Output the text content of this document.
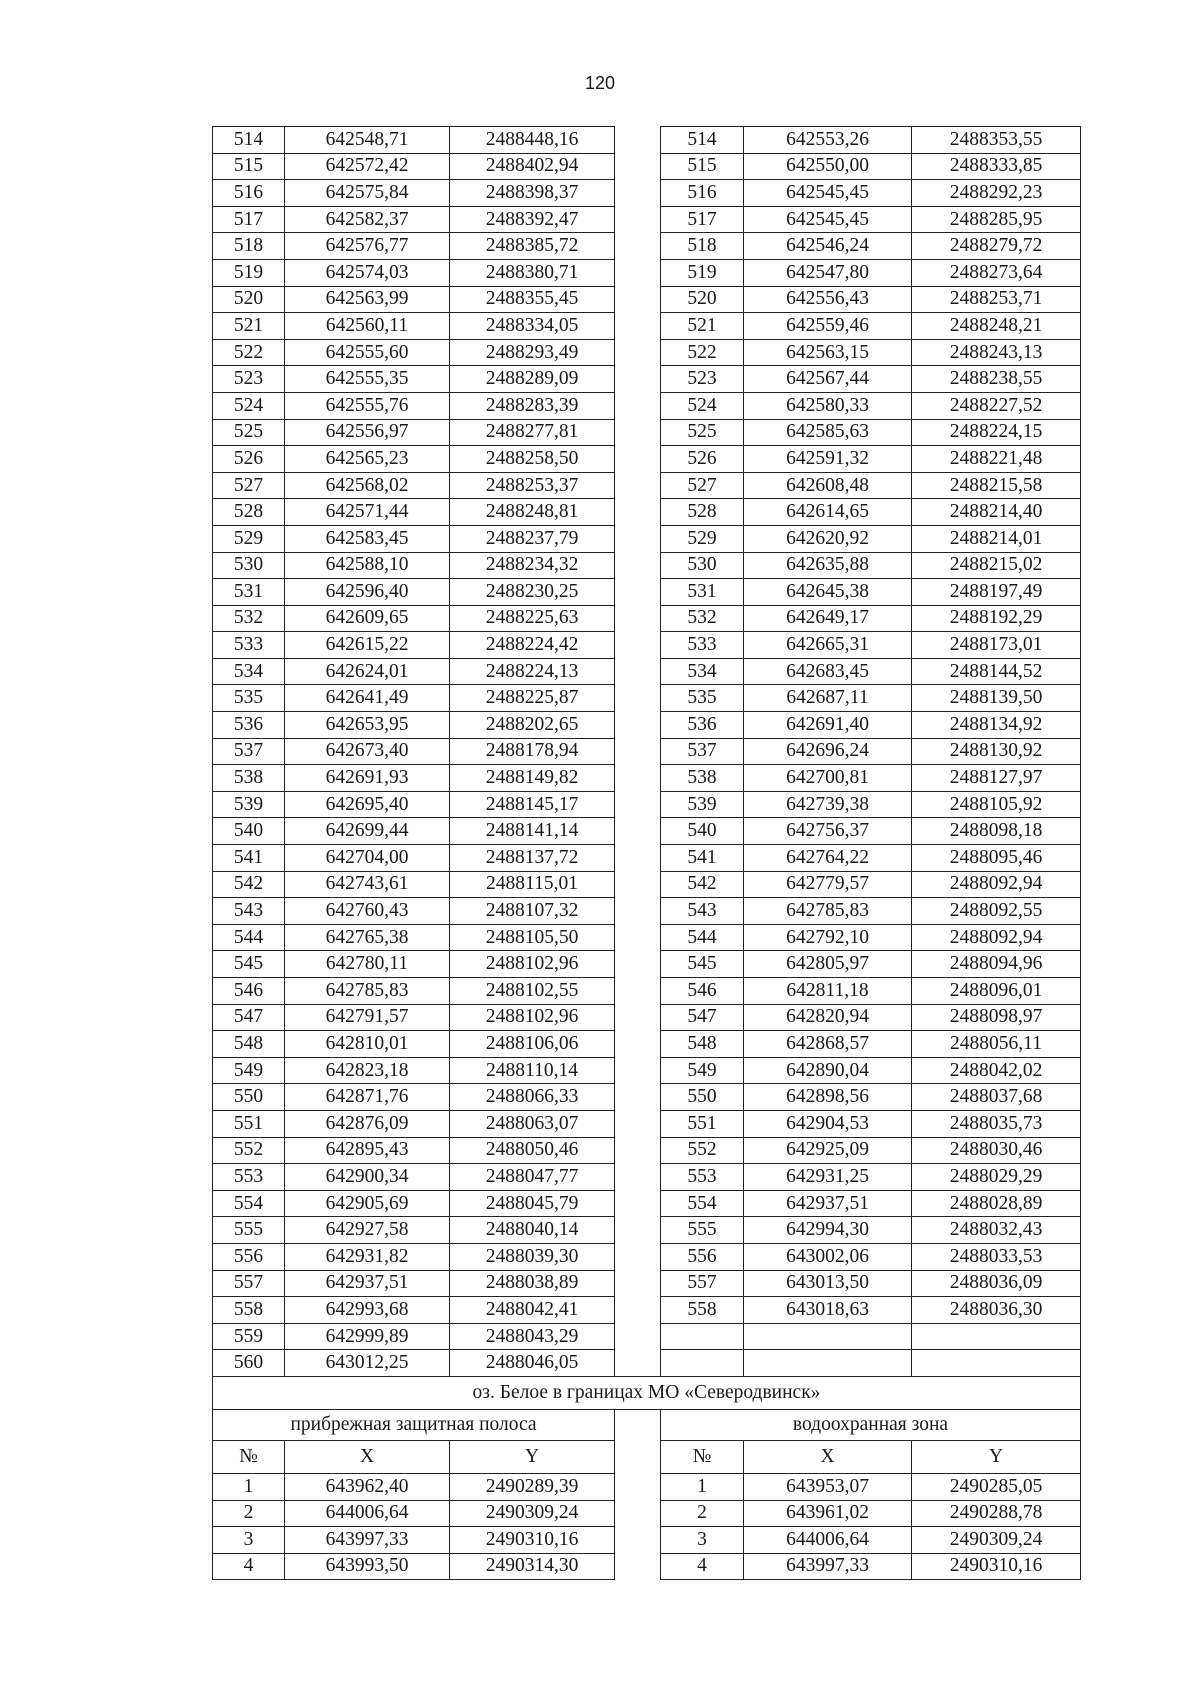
120
514	642548,71	2488448,16		514	642553,26	2488353,55
515	642572,42	2488402,94		515	642550,00	2488333,85
516	642575,84	2488398,37		516	642545,45	2488292,23
517	642582,37	2488392,47		517	642545,45	2488285,95
518	642576,77	2488385,72		518	642546,24	2488279,72
519	642574,03	2488380,71		519	642547,80	2488273,64
520	642563,99	2488355,45		520	642556,43	2488253,71
521	642560,11	2488334,05		521	642559,46	2488248,21
522	642555,60	2488293,49		522	642563,15	2488243,13
523	642555,35	2488289,09		523	642567,44	2488238,55
524	642555,76	2488283,39		524	642580,33	2488227,52
525	642556,97	2488277,81		525	642585,63	2488224,15
526	642565,23	2488258,50		526	642591,32	2488221,48
527	642568,02	2488253,37		527	642608,48	2488215,58
528	642571,44	2488248,81		528	642614,65	2488214,40
529	642583,45	2488237,79		529	642620,92	2488214,01
530	642588,10	2488234,32		530	642635,88	2488215,02
531	642596,40	2488230,25		531	642645,38	2488197,49
532	642609,65	2488225,63		532	642649,17	2488192,29
533	642615,22	2488224,42		533	642665,31	2488173,01
534	642624,01	2488224,13		534	642683,45	2488144,52
535	642641,49	2488225,87		535	642687,11	2488139,50
536	642653,95	2488202,65		536	642691,40	2488134,92
537	642673,40	2488178,94		537	642696,24	2488130,92
538	642691,93	2488149,82		538	642700,81	2488127,97
539	642695,40	2488145,17		539	642739,38	2488105,92
540	642699,44	2488141,14		540	642756,37	2488098,18
541	642704,00	2488137,72		541	642764,22	2488095,46
542	642743,61	2488115,01		542	642779,57	2488092,94
543	642760,43	2488107,32		543	642785,83	2488092,55
544	642765,38	2488105,50		544	642792,10	2488092,94
545	642780,11	2488102,96		545	642805,97	2488094,96
546	642785,83	2488102,55		546	642811,18	2488096,01
547	642791,57	2488102,96		547	642820,94	2488098,97
548	642810,01	2488106,06		548	642868,57	2488056,11
549	642823,18	2488110,14		549	642890,04	2488042,02
550	642871,76	2488066,33		550	642898,56	2488037,68
551	642876,09	2488063,07		551	642904,53	2488035,73
552	642895,43	2488050,46		552	642925,09	2488030,46
553	642900,34	2488047,77		553	642931,25	2488029,29
554	642905,69	2488045,79		554	642937,51	2488028,89
555	642927,58	2488040,14		555	642994,30	2488032,43
556	642931,82	2488039,30		556	643002,06	2488033,53
557	642937,51	2488038,89		557	643013,50	2488036,09
558	642993,68	2488042,41		558	643018,63	2488036,30
559	642999,89	2488043,29				
560	643012,25	2488046,05				
оз. Белое в границах МО «Северодвинск»						
прибрежная защитная полоса				водоохранная зона		
№	X	Y		№	X	Y
1	643962,40	2490289,39		1	643953,07	2490285,05
2	644006,64	2490309,24		2	643961,02	2490288,78
3	643997,33	2490310,16		3	644006,64	2490309,24
4	643993,50	2490314,30		4	643997,33	2490310,16
